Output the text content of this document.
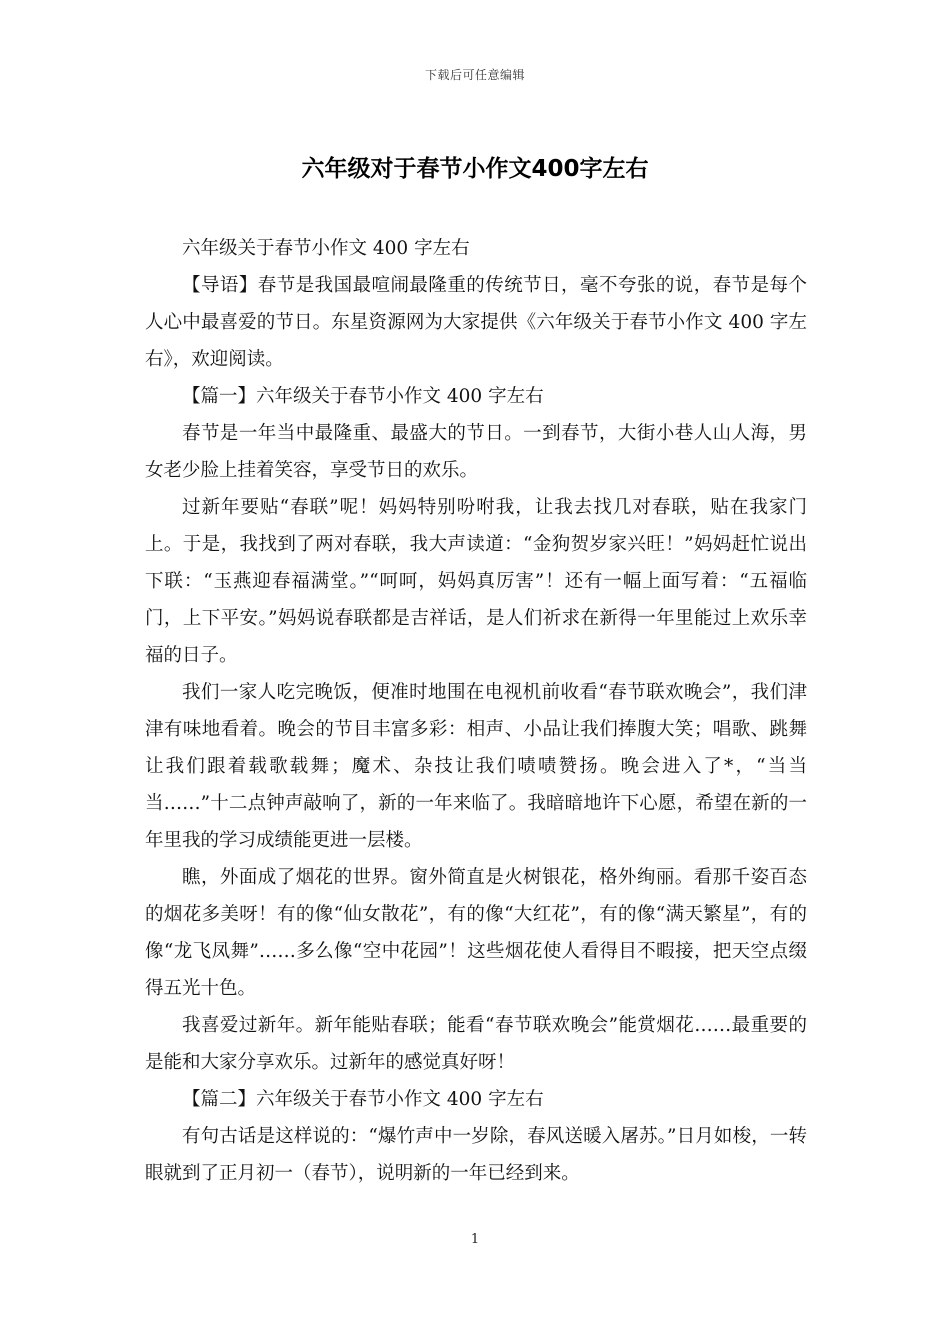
下载后可任意编辑
六年级对于春节小作文400字左右

六年级关于春节小作文 400 字左右

【导语】春节是我国最喧闹最隆重的传统节日，毫不夸张的说，春节是每个人心中最喜爱的节日。东星资源网为大家提供《六年级关于春节小作文 400 字左右》，欢迎阅读。

【篇一】六年级关于春节小作文 400 字左右

春节是一年当中最隆重、最盛大的节日。一到春节，大街小巷人山人海，男女老少脸上挂着笑容，享受节日的欢乐。

过新年要贴“春联”呢！妈妈特别吩咐我，让我去找几对春联，贴在我家门上。于是，我找到了两对春联，我大声读道：“金狗贺岁家兴旺！”妈妈赶忙说出下联：“玉燕迎春福满堂。”“呵呵，妈妈真厉害”！还有一幅上面写着：“五福临门，上下平安。”妈妈说春联都是吉祥话，是人们祈求在新得一年里能过上欢乐幸福的日子。

我们一家人吃完晚饭，便准时地围在电视机前收看“春节联欢晚会”，我们津津有味地看着。晚会的节目丰富多彩：相声、小品让我们捧腹大笑；唱歌、跳舞让我们跟着载歌载舞；魔术、杂技让我们啧啧赞扬。晚会进入了*，“当当当……”十二点钟声敲响了，新的一年来临了。我暗暗地许下心愿，希望在新的一年里我的学习成绩能更进一层楼。

瞧，外面成了烟花的世界。窗外简直是火树银花，格外绚丽。看那千姿百态的烟花多美呀！有的像“仙女散花”，有的像“大红花”，有的像“满天繁星”，有的像“龙飞凤舞”……多么像“空中花园”！这些烟花使人看得目不暇接，把天空点缀得五光十色。

我喜爱过新年。新年能贴春联；能看“春节联欢晚会”能赏烟花……最重要的是能和大家分享欢乐。过新年的感觉真好呀！

【篇二】六年级关于春节小作文 400 字左右

有句古话是这样说的：“爆竹声中一岁除，春风送暖入屠苏。”日月如梭，一转眼就到了正月初一（春节），说明新的一年已经到来。

1
